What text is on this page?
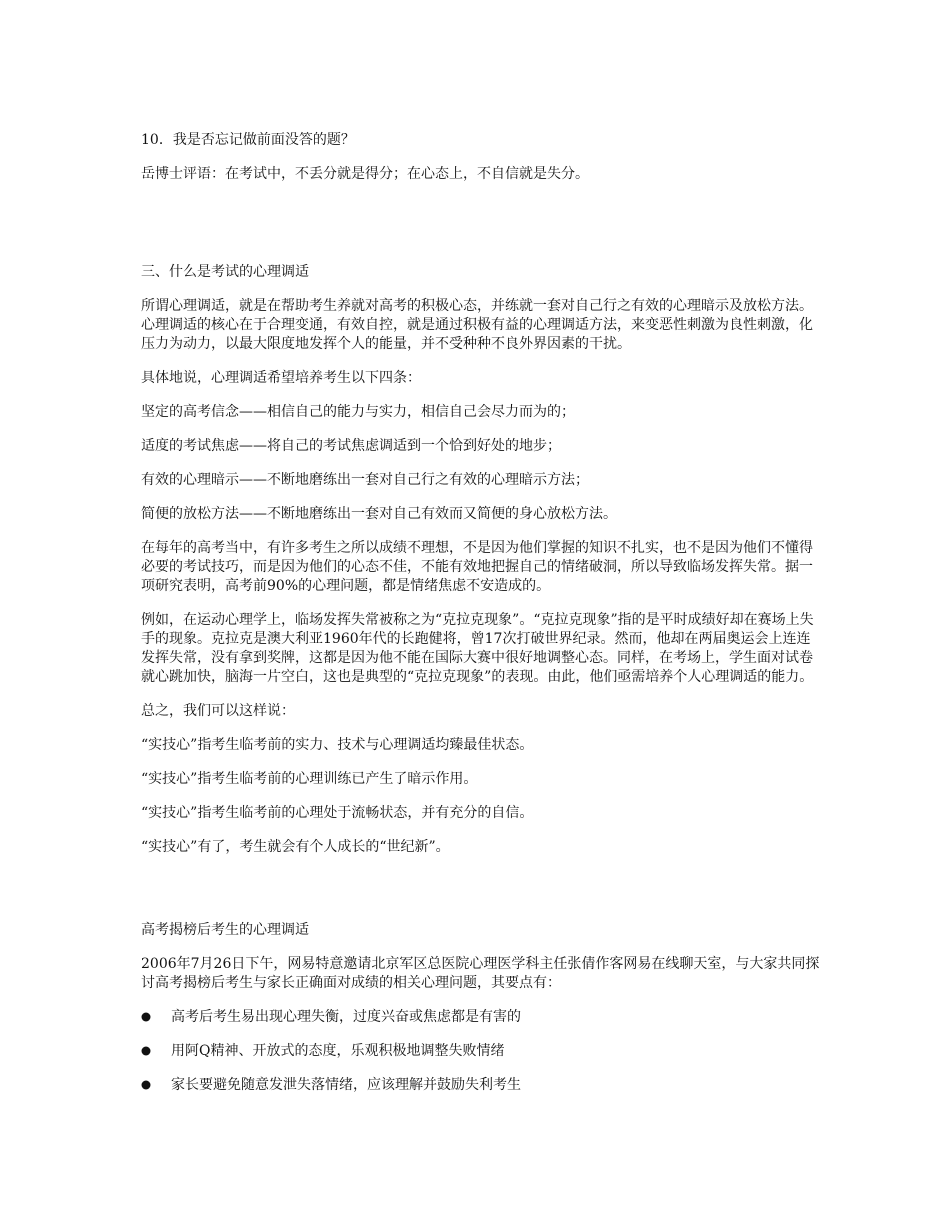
10．我是否忘记做前面没答的题？

岳博士评语：在考试中，不丢分就是得分；在心态上，不自信就是失分。

三、什么是考试的心理调适

所谓心理调适，就是在帮助考生养就对高考的积极心态，并练就一套对自己行之有效的心理暗示及放松方法。心理调适的核心在于合理变通，有效自控，就是通过积极有益的心理调适方法，来变恶性刺激为良性刺激，化压力为动力，以最大限度地发挥个人的能量，并不受种种不良外界因素的干扰。

具体地说，心理调适希望培养考生以下四条：

坚定的高考信念——相信自己的能力与实力，相信自己会尽力而为的；

适度的考试焦虑——将自己的考试焦虑调适到一个恰到好处的地步；

有效的心理暗示——不断地磨练出一套对自己行之有效的心理暗示方法；

简便的放松方法——不断地磨练出一套对自己有效而又简便的身心放松方法。

在每年的高考当中，有许多考生之所以成绩不理想，不是因为他们掌握的知识不扎实，也不是因为他们不懂得必要的考试技巧，而是因为他们的心态不佳，不能有效地把握自己的情绪破洞，所以导致临场发挥失常。据一项研究表明，高考前90%的心理问题，都是情绪焦虑不安造成的。

例如，在运动心理学上，临场发挥失常被称之为“克拉克现象”。“克拉克现象”指的是平时成绩好却在赛场上失手的现象。克拉克是澳大利亚1960年代的长跑健将，曾17次打破世界纪录。然而，他却在两届奥运会上连连发挥失常，没有拿到奖牌，这都是因为他不能在国际大赛中很好地调整心态。同样，在考场上，学生面对试卷就心跳加快，脑海一片空白，这也是典型的“克拉克现象”的表现。由此，他们亟需培养个人心理调适的能力。

总之，我们可以这样说：

“实技心”指考生临考前的实力、技术与心理调适均臻最佳状态。

“实技心”指考生临考前的心理训练已产生了暗示作用。

“实技心”指考生临考前的心理处于流畅状态，并有充分的自信。

“实技心”有了，考生就会有个人成长的“世纪新”。

高考揭榜后考生的心理调适

2006年7月26日下午，网易特意邀请北京军区总医院心理医学科主任张倩作客网易在线聊天室，与大家共同探讨高考揭榜后考生与家长正确面对成绩的相关心理问题，其要点有：

高考后考生易出现心理失衡，过度兴奋或焦虑都是有害的
用阿Q精神、开放式的态度，乐观积极地调整失败情绪
家长要避免随意发泄失落情绪，应该理解并鼓励失利考生
